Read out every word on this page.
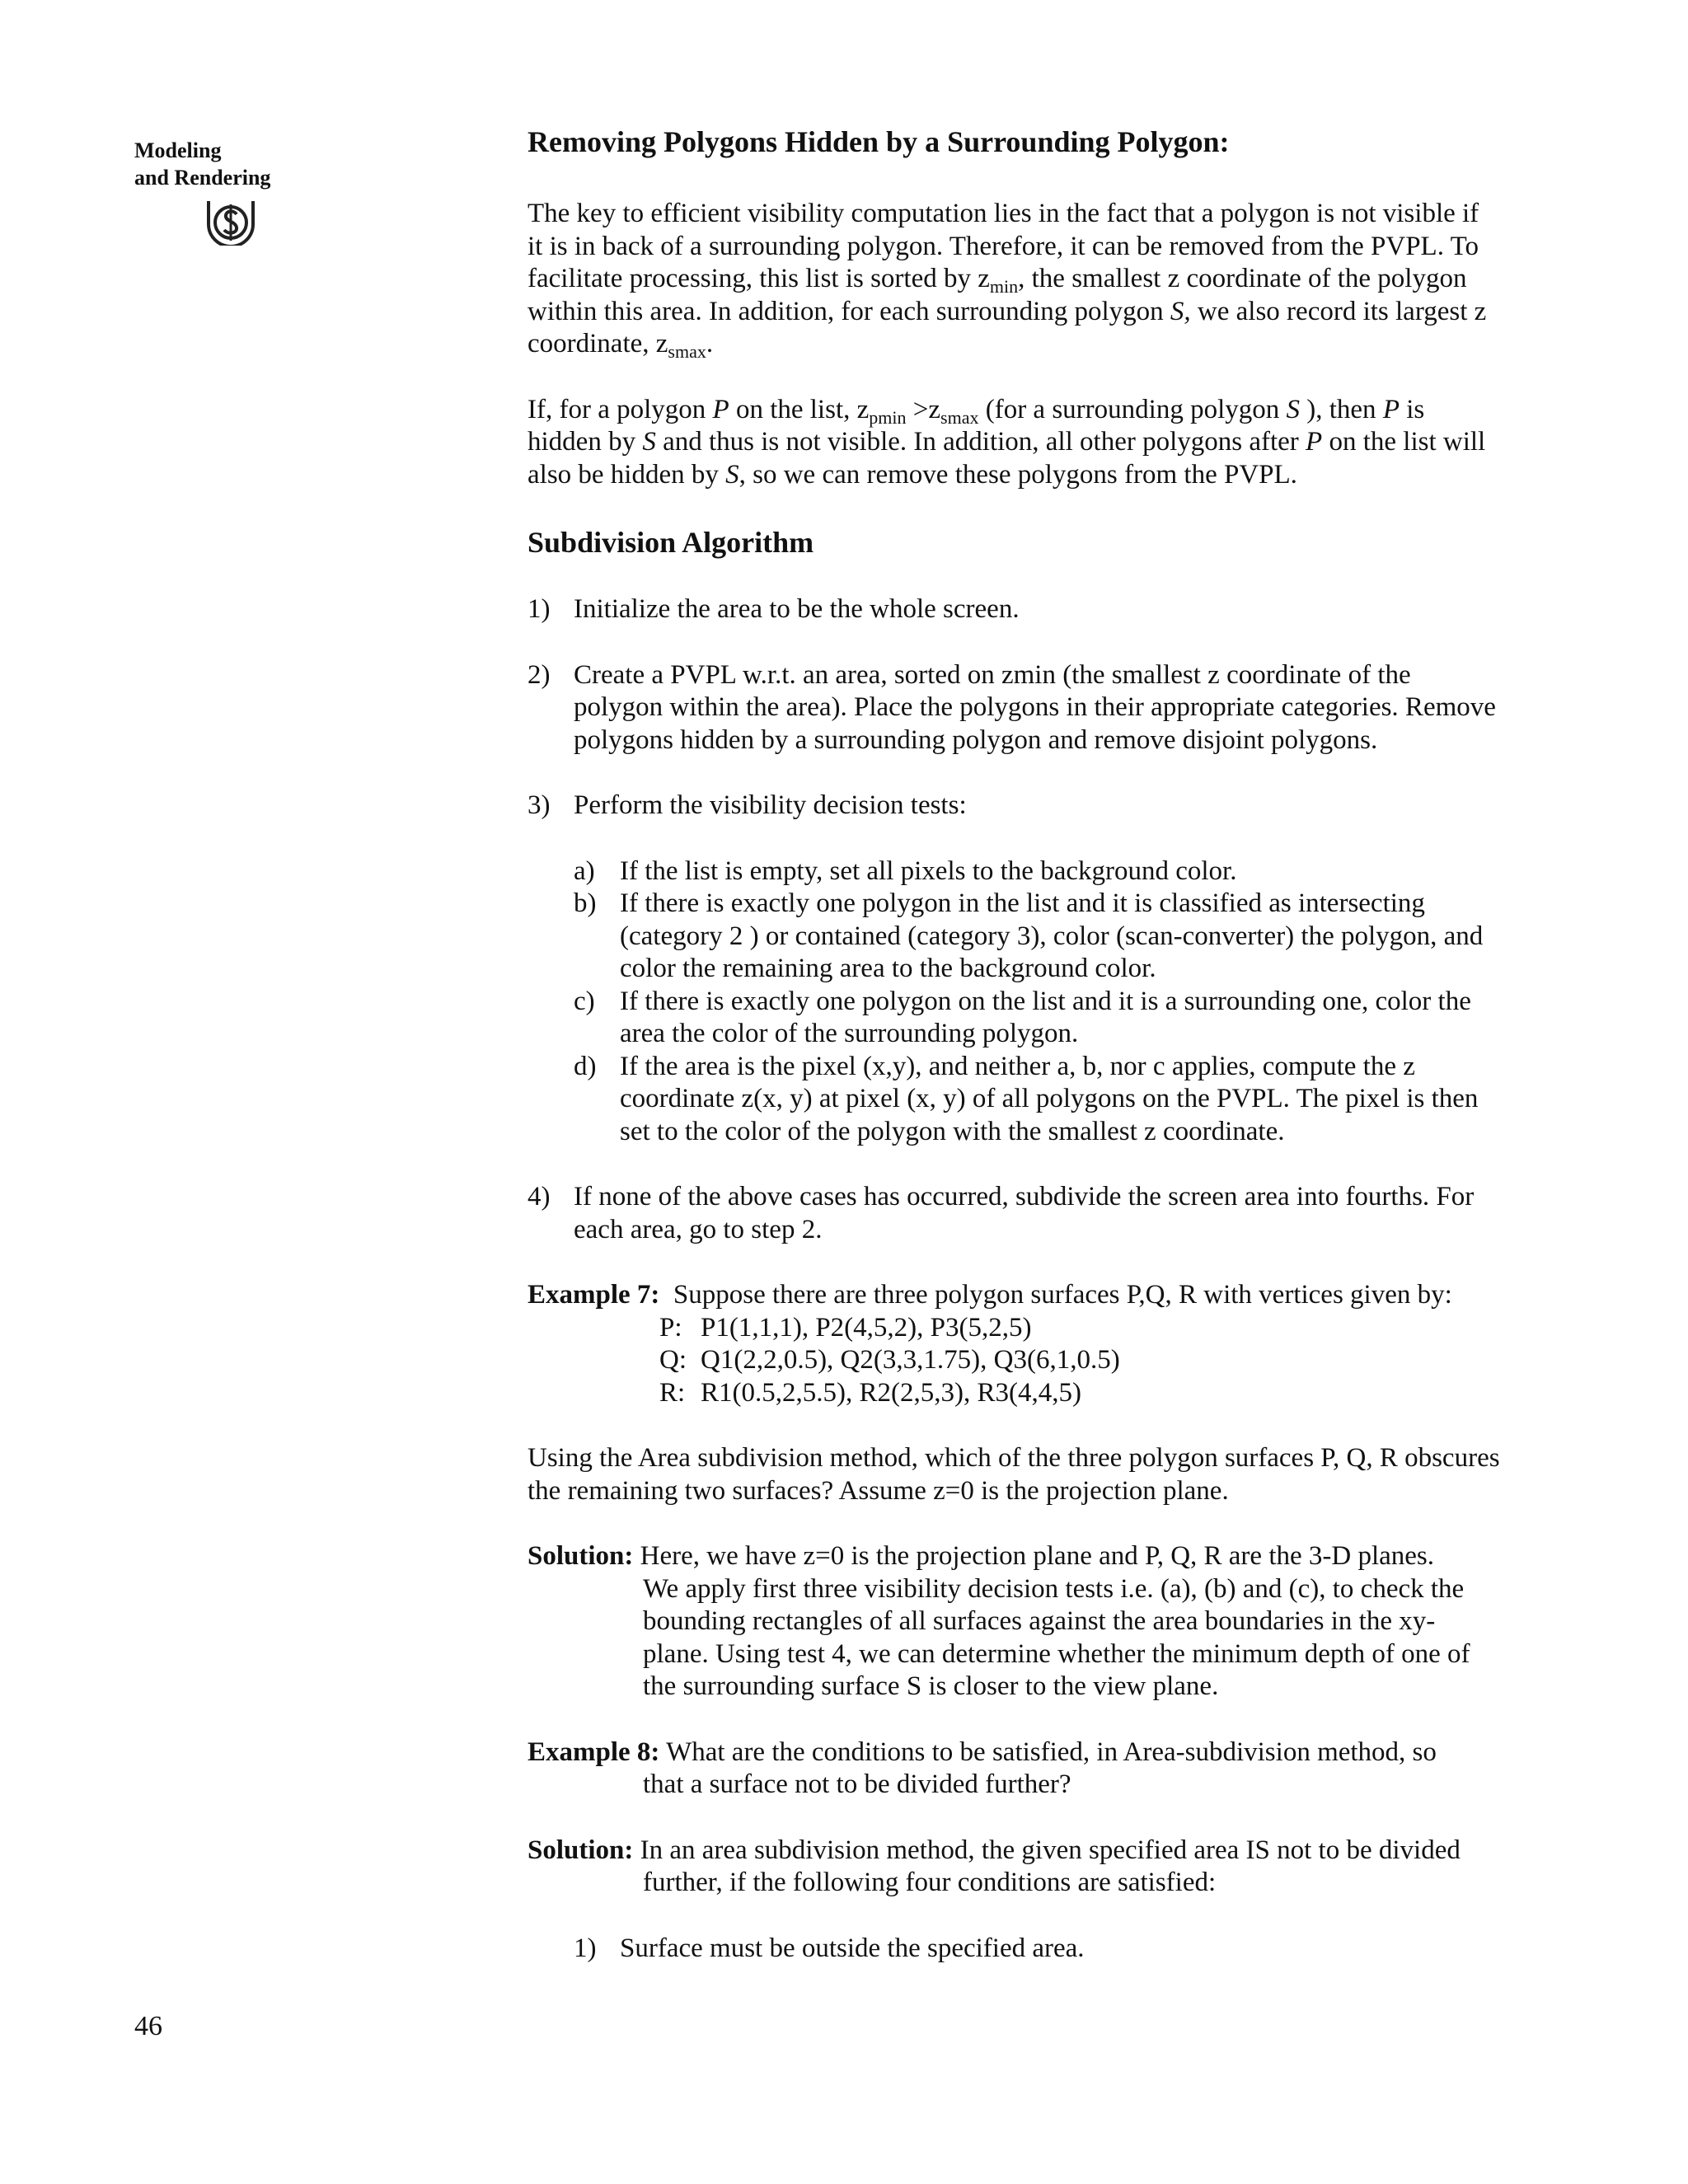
Modeling
and Rendering
46
Removing Polygons Hidden by a Surrounding Polygon:

The key to efficient visibility computation lies in the fact that a polygon is not visible if it is in back of a surrounding polygon. Therefore, it can be removed from the PVPL. To facilitate processing, this list is sorted by $z_{min}$, the smallest z coordinate of the polygon within this area. In addition, for each surrounding polygon S, we also record its largest z coordinate, $z_{smax}$.

If, for a polygon P on the list, $z_{pmin} >z_{smax}$ (for a surrounding polygon S ), then P is hidden by S and thus is not visible. In addition, all other polygons after P on the list will also be hidden by S, so we can remove these polygons from the PVPL.

Subdivision Algorithm
1) Initialize the area to be the whole screen.
2) Create a PVPL w.r.t. an area, sorted on zmin (the smallest z coordinate of the polygon within the area). Place the polygons in their appropriate categories. Remove polygons hidden by a surrounding polygon and remove disjoint polygons.
3) Perform the visibility decision tests:
a) If the list is empty, set all pixels to the background color.
b) If there is exactly one polygon in the list and it is classified as intersecting (category 2 ) or contained (category 3), color (scan-converter) the polygon, and color the remaining area to the background color.
c) If there is exactly one polygon on the list and it is a surrounding one, color the area the color of the surrounding polygon.
d) If the area is the pixel (x,y), and neither a, b, nor c applies, compute the z coordinate z(x, y) at pixel (x, y) of all polygons on the PVPL. The pixel is then set to the color of the polygon with the smallest z coordinate.
4) If none of the above cases has occurred, subdivide the screen area into fourths. For each area, go to step 2.

Example 7: Suppose there are three polygon surfaces P,Q, R with vertices given by:

P: P1(1,1,1), P2(4,5,2), P3(5,2,5)
Q: Q1(2,2,0.5), Q2(3,3,1.75), Q3(6,1,0.5)
R: R1(0.5,2,5.5), R2(2,5,3), R3(4,4,5)

Using the Area subdivision method, which of the three polygon surfaces P, Q, R obscures the remaining two surfaces? Assume z=0 is the projection plane.

Solution: Here, we have z=0 is the projection plane and P, Q, R are the 3-D planes.

We apply first three visibility decision tests i.e. (a), (b) and (c), to check the bounding rectangles of all surfaces against the area boundaries in the xy-plane. Using test 4, we can determine whether the minimum depth of one of the surrounding surface S is closer to the view plane.

Example 8: What are the conditions to be satisfied, in Area-subdivision method, so

that a surface not to be divided further?

Solution: In an area subdivision method, the given specified area IS not to be divided

further, if the following four conditions are satisfied:

1) Surface must be outside the specified area.
